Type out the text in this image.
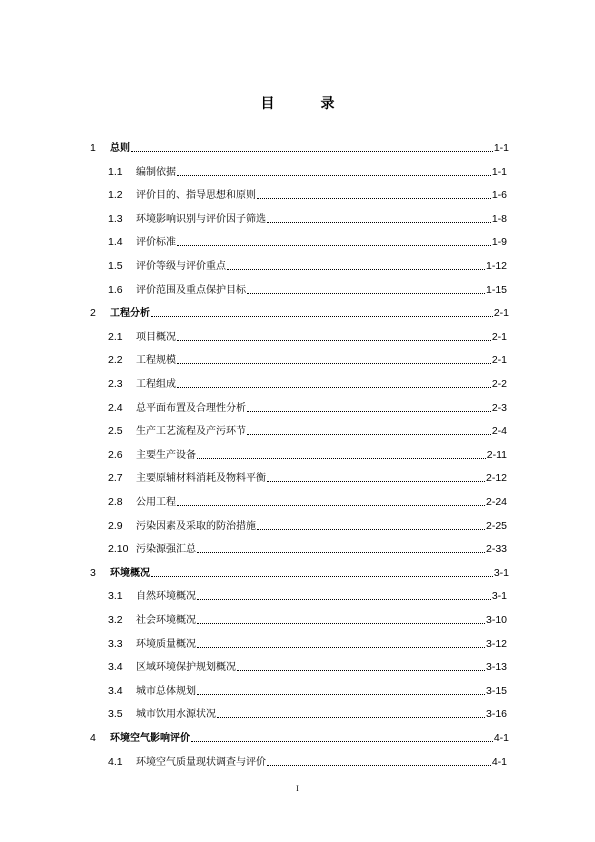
目　录
1	总则	1-1
1.1	编制依据	1-1
1.2	评价目的、指导思想和原则	1-6
1.3	环境影响识别与评价因子筛选	1-8
1.4	评价标准	1-9
1.5	评价等级与评价重点	1-12
1.6	评价范围及重点保护目标	1-15
2	工程分析	2-1
2.1	项目概况	2-1
2.2	工程规模	2-1
2.3	工程组成	2-2
2.4	总平面布置及合理性分析	2-3
2.5	生产工艺流程及产污环节	2-4
2.6	主要生产设备	2-11
2.7	主要原辅材料消耗及物料平衡	2-12
2.8	公用工程	2-24
2.9	污染因素及采取的防治措施	2-25
2.10 污染源强汇总	2-33
3	环境概况	3-1
3.1	自然环境概况	3-1
3.2	社会环境概况	3-10
3.3	环境质量概况	3-12
3.4	区域环境保护规划概况	3-13
3.4	城市总体规划	3-15
3.5	城市饮用水源状况	3-16
4	环境空气影响评价	4-1
4.1	环境空气质量现状调查与评价	4-1
I
